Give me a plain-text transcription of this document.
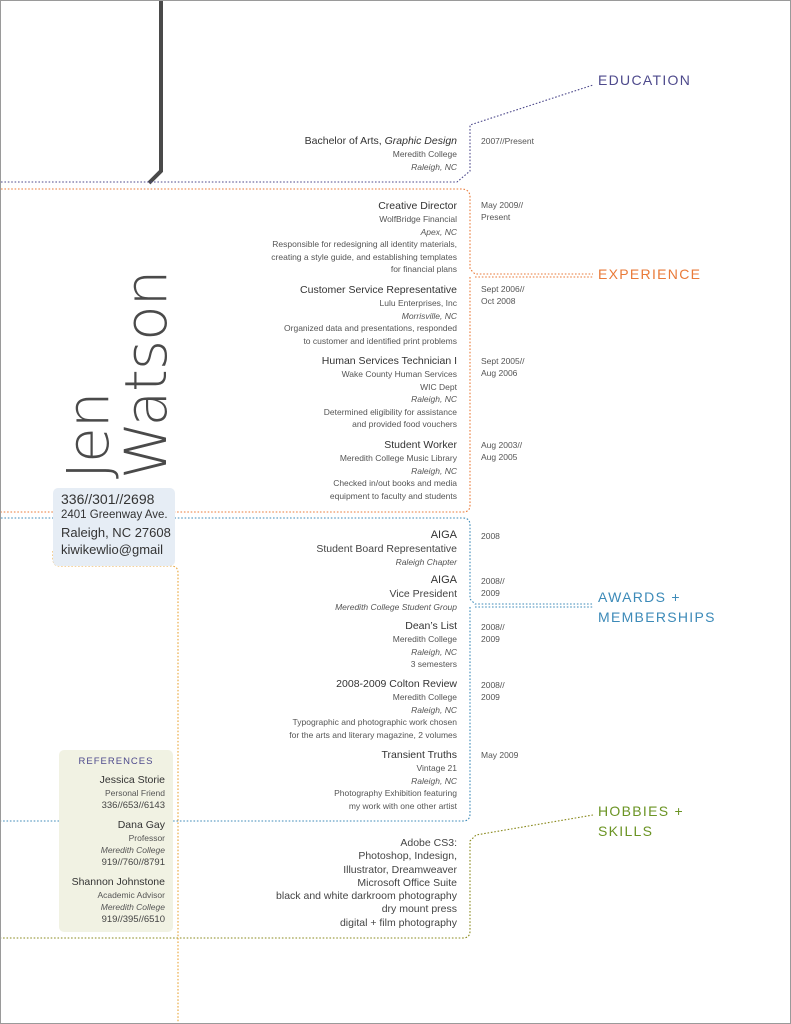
Jen
Watson
336//301//2698
2401 Greenway Ave.
Raleigh, NC 27608
kiwikewlio@gmail
EDUCATION
EXPERIENCE
AWARDS +
MEMBERSHIPS
HOBBIES +
SKILLS
Bachelor of Arts, Graphic Design
Meredith College
Raleigh, NC
2007//Present
Creative Director
WolfBridge Financial
Apex, NC
Responsible for redesigning all identity materials,
creating a style guide, and establishing templates
for financial plans
May 2009//
Present
Customer Service Representative
Lulu Enterprises, Inc
Morrisville, NC
Organized data and presentations, responded
to customer and identified print problems
Sept 2006//
Oct 2008
Human Services Technician I
Wake County Human Services
WIC Dept
Raleigh, NC
Determined eligibility for assistance
and provided food vouchers
Sept 2005//
Aug 2006
Student Worker
Meredith College Music Library
Raleigh, NC
Checked in/out books and media
equipment to faculty and students
Aug 2003//
Aug 2005
AIGA
Student Board Representative
Raleigh Chapter
2008
AIGA
Vice President
Meredith College Student Group
2008//
2009
Dean’s List
Meredith College
Raleigh, NC
3 semesters
2008//
2009
2008-2009 Colton Review
Meredith College
Raleigh, NC
Typographic and photographic work chosen
for the arts and literary magazine, 2 volumes
2008//
2009
Transient Truths
Vintage 21
Raleigh, NC
Photography Exhibition featuring
my work with one other artist
May 2009
Adobe CS3:
Photoshop, Indesign,
Illustrator, Dreamweaver
Microsoft Office Suite
black and white darkroom photography
dry mount press
digital + film photography
REFERENCES
Jessica Storie
Personal Friend
336//653//6143
Dana Gay
Professor
Meredith College
919//760//8791
Shannon Johnstone
Academic Advisor
Meredith College
919//395//6510
